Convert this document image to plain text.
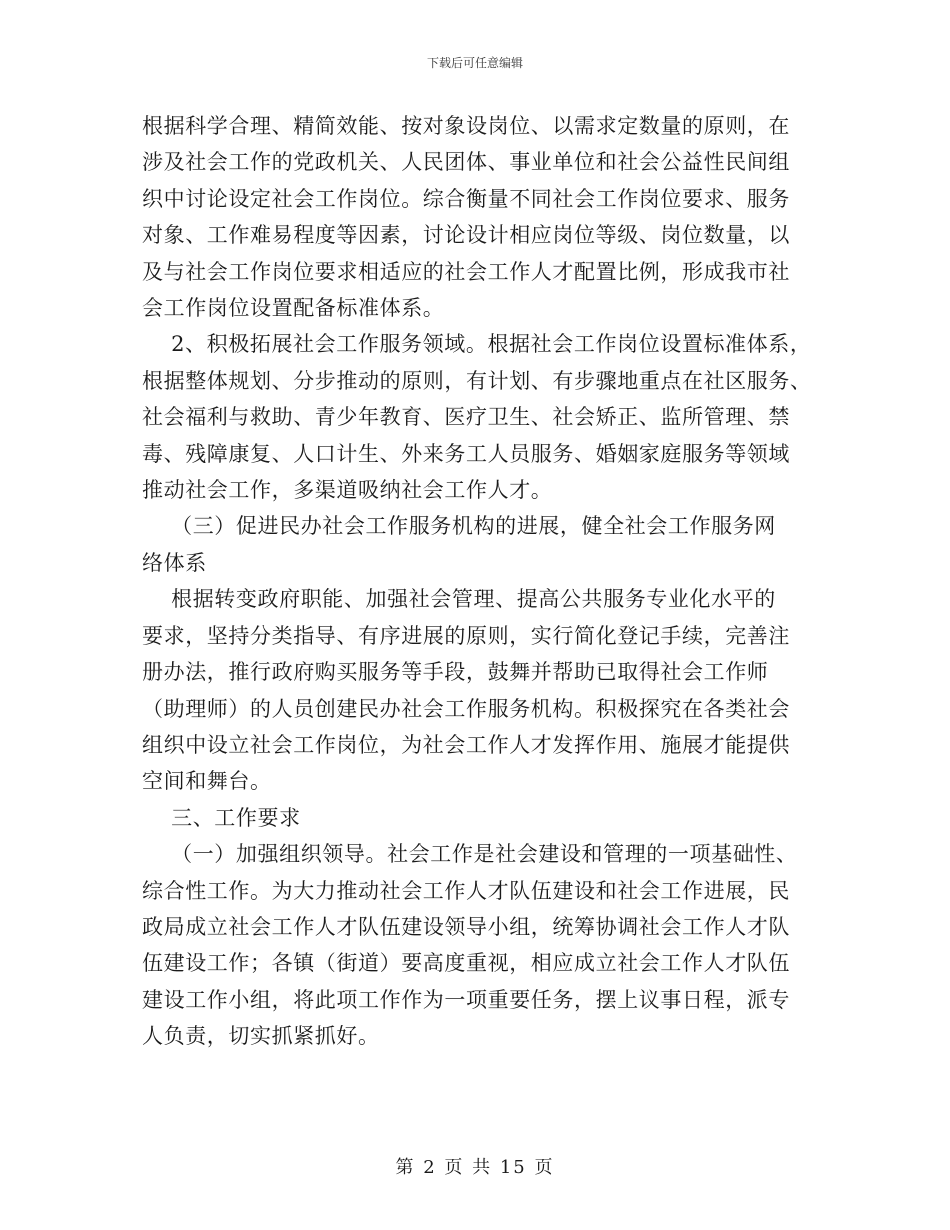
下载后可任意编辑

根据科学合理、精简效能、按对象设岗位、以需求定数量的原则，在

涉及社会工作的党政机关、人民团体、事业单位和社会公益性民间组

织中讨论设定社会工作岗位。综合衡量不同社会工作岗位要求、服务

对象、工作难易程度等因素，讨论设计相应岗位等级、岗位数量，以

及与社会工作岗位要求相适应的社会工作人才配置比例，形成我市社

会工作岗位设置配备标准体系。

2、积极拓展社会工作服务领域。根据社会工作岗位设置标准体系，

根据整体规划、分步推动的原则，有计划、有步骤地重点在社区服务、

社会福利与救助、青少年教育、医疗卫生、社会矫正、监所管理、禁

毒、残障康复、人口计生、外来务工人员服务、婚姻家庭服务等领域

推动社会工作，多渠道吸纳社会工作人才。

（三）促进民办社会工作服务机构的进展，健全社会工作服务网

络体系

根据转变政府职能、加强社会管理、提高公共服务专业化水平的

要求，坚持分类指导、有序进展的原则，实行简化登记手续，完善注

册办法，推行政府购买服务等手段，鼓舞并帮助已取得社会工作师

（助理师）的人员创建民办社会工作服务机构。积极探究在各类社会

组织中设立社会工作岗位，为社会工作人才发挥作用、施展才能提供

空间和舞台。

三、工作要求

（一）加强组织领导。社会工作是社会建设和管理的一项基础性、

综合性工作。为大力推动社会工作人才队伍建设和社会工作进展，民

政局成立社会工作人才队伍建设领导小组，统筹协调社会工作人才队

伍建设工作；各镇（街道）要高度重视，相应成立社会工作人才队伍

建设工作小组，将此项工作作为一项重要任务，摆上议事日程，派专

人负责，切实抓紧抓好。

第 2 页 共 15 页
